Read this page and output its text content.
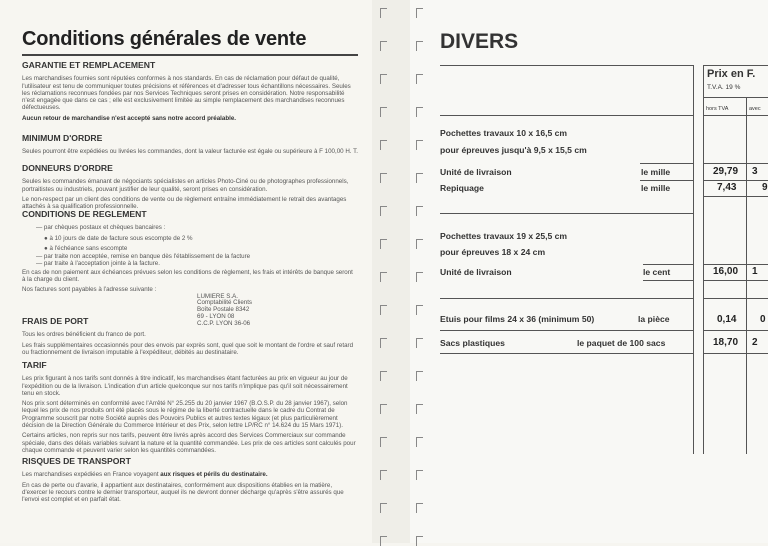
Conditions générales de vente
GARANTIE ET REMPLACEMENT

Les marchandises fournies sont réputées conformes à nos standards. En cas de réclamation pour défaut de qualité, l'utilisateur est tenu de communiquer toutes précisions et références et d'adresser tous échantillons nécessaires. Seules les réclamations reconnues fondées par nos Services Techniques seront prises en considération. Notre responsabilité n'est engagée que dans ce cas ; elle est exclusivement limitée au simple remplacement des marchandises reconnues défectueuses.

Aucun retour de marchandise n'est accepté sans notre accord préalable.

MINIMUM D'ORDRE

Seules pourront être expédiées ou livrées les commandes, dont la valeur facturée est égale ou supérieure à F 100,00 H. T.

DONNEURS D'ORDRE

Seules les commandes émanant de négociants spécialistes en articles Photo-Ciné ou de photographes professionnels, portraitistes ou industriels, pouvant justifier de leur qualité, seront prises en considération.

Le non-respect par un client des conditions de vente ou de règlement entraîne immédiatement le retrait des avantages attachés à sa qualification professionnelle.

CONDITIONS DE REGLEMENT

— par chèques postaux et chèques bancaires :

● à 10 jours de date de facture sous escompte de 2 %

● à l'échéance sans escompte

— par traite non acceptée, remise en banque dès l'établissement de la facture

— par traite à l'acceptation jointe à la facture.

En cas de non paiement aux échéances prévues selon les conditions de règlement, les frais et intérêts de banque seront à la charge du client.

Nos factures sont payables à l'adresse suivante :

LUMIERE S.A.
Comptabilité Clients
Boîte Postale 8342
69 - LYON 08
C.C.P. LYON 36-06
FRAIS DE PORT

Tous les ordres bénéficient du franco de port.

Les frais supplémentaires occasionnés pour des envois par exprès sont, quel que soit le montant de l'ordre et sauf retard ou fractionnement de livraison imputable à l'expéditeur, débités au destinataire.

TARIF

Les prix figurant à nos tarifs sont donnés à titre indicatif, les marchandises étant facturées au prix en vigueur au jour de l'expédition ou de la livraison. L'indication d'un article quelconque sur nos tarifs n'implique pas qu'il soit nécessairement tenu en stock.

Nos prix sont déterminés en conformité avec l'Arrêté N° 25.255 du 20 janvier 1967 (B.O.S.P. du 28 janvier 1967), selon lequel les prix de nos produits ont été placés sous le régime de la liberté contractuelle dans le cadre du Contrat de Programme souscrit par notre Société auprès des Pouvoirs Publics et autres textes légaux (et plus particulièrement décision de la Direction Générale du Commerce Intérieur et des Prix, selon lettre LP/RC n° 14.624 du 15 Mars 1971).

Certains articles, non repris sur nos tarifs, peuvent être livrés après accord des Services Commerciaux sur commande spéciale, dans des délais variables suivant la nature et la quantité commandée. Les prix de ces articles sont calculés pour chaque commande et peuvent varier selon les quantités commandées.

RISQUES DE TRANSPORT

Les marchandises expédiées en France voyagent aux risques et périls du destinataire.

En cas de perte ou d'avarie, il appartient aux destinataires, conformément aux dispositions établies en la matière, d'exercer le recours contre le dernier transporteur, auquel ils ne devront donner décharge qu'après s'être assurés que l'envoi est complet et en parfait état.

DIVERS
Prix en F.
T.V.A. 19 %
hors TVA	avec
Pochettes travaux 10 x 16,5 cm
pour épreuves jusqu'à 9,5 x 15,5 cm
Unité de livraison	le mille	29,79 3
Repiquage	le mille	7,43	9
Pochettes travaux 19 x 25,5 cm
pour épreuves 18 x 24 cm
Unité de livraison	le cent	16,00 1
Etuis pour films 24 x 36 (minimum 50)	la pièce	0,14 0
Sacs plastiques	le paquet de 100 sacs	18,70 2
